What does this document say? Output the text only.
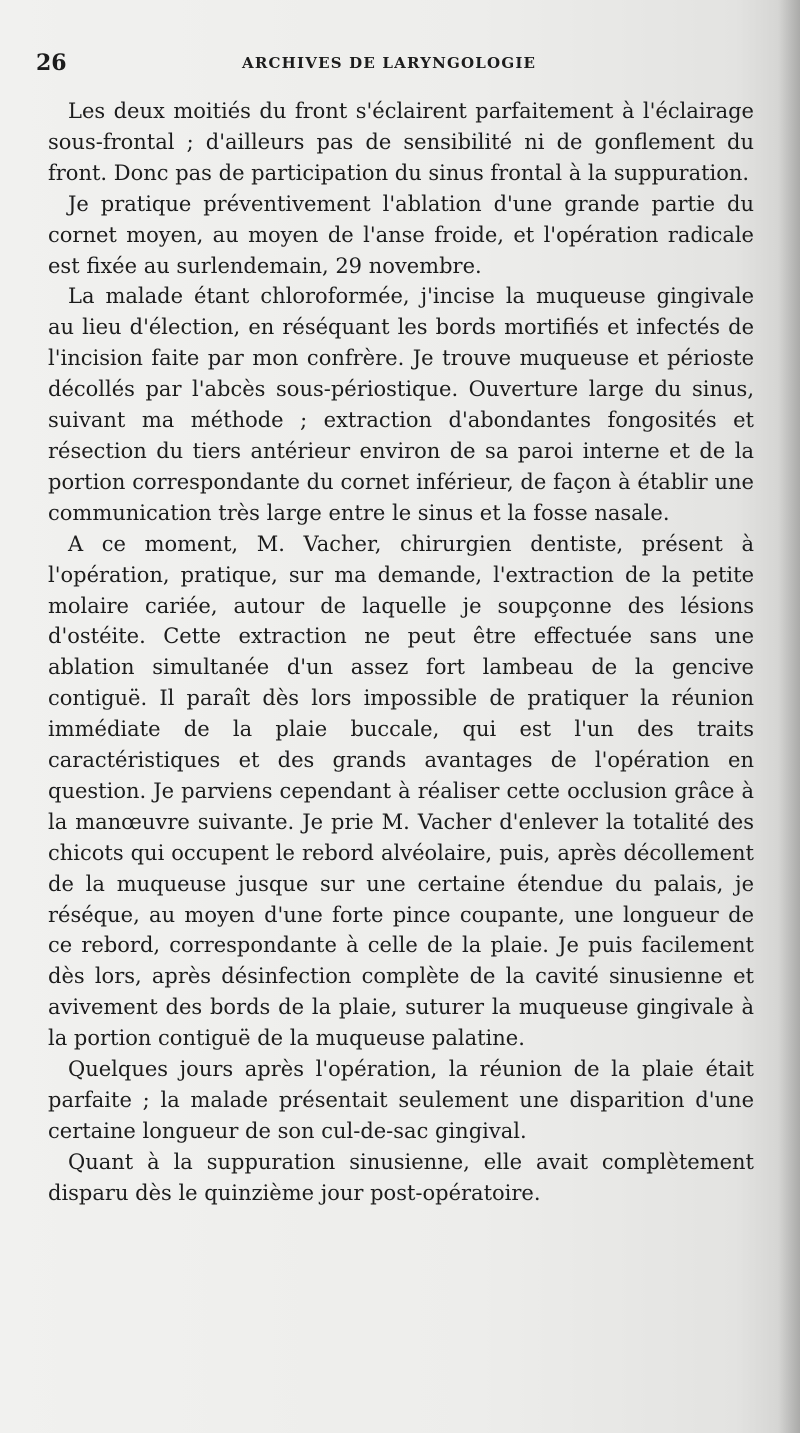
26	ARCHIVES DE LARYNGOLOGIE

Les deux moitiés du front s'éclairent parfaitement à l'éclairage sous-frontal ; d'ailleurs pas de sensibilité ni de gonflement du front. Donc pas de participation du sinus frontal à la suppuration.

Je pratique préventivement l'ablation d'une grande partie du cornet moyen, au moyen de l'anse froide, et l'opération radicale est fixée au surlendemain, 29 novembre.

La malade étant chloroformée, j'incise la muqueuse gingivale au lieu d'élection, en réséquant les bords mortifiés et infectés de l'incision faite par mon confrère. Je trouve muqueuse et périoste décollés par l'abcès sous-périostique. Ouverture large du sinus, suivant ma méthode ; extraction d'abondantes fongosités et résection du tiers antérieur environ de sa paroi interne et de la portion correspondante du cornet inférieur, de façon à établir une communication très large entre le sinus et la fosse nasale.

A ce moment, M. Vacher, chirurgien dentiste, présent à l'opération, pratique, sur ma demande, l'extraction de la petite molaire cariée, autour de laquelle je soupçonne des lésions d'ostéite. Cette extraction ne peut être effectuée sans une ablation simultanée d'un assez fort lambeau de la gencive contiguë. Il paraît dès lors impossible de pratiquer la réunion immédiate de la plaie buccale, qui est l'un des traits caractéristiques et des grands avantages de l'opération en question. Je parviens cependant à réaliser cette occlusion grâce à la manœuvre suivante. Je prie M. Vacher d'enlever la totalité des chicots qui occupent le rebord alvéolaire, puis, après décollement de la muqueuse jusque sur une certaine étendue du palais, je réséque, au moyen d'une forte pince coupante, une longueur de ce rebord, correspondante à celle de la plaie. Je puis facilement dès lors, après désinfection complète de la cavité sinusienne et avivement des bords de la plaie, suturer la muqueuse gingivale à la portion contiguë de la muqueuse palatine.

Quelques jours après l'opération, la réunion de la plaie était parfaite ; la malade présentait seulement une disparition d'une certaine longueur de son cul-de-sac gingival.

Quant à la suppuration sinusienne, elle avait complètement disparu dès le quinzième jour post-opératoire.
